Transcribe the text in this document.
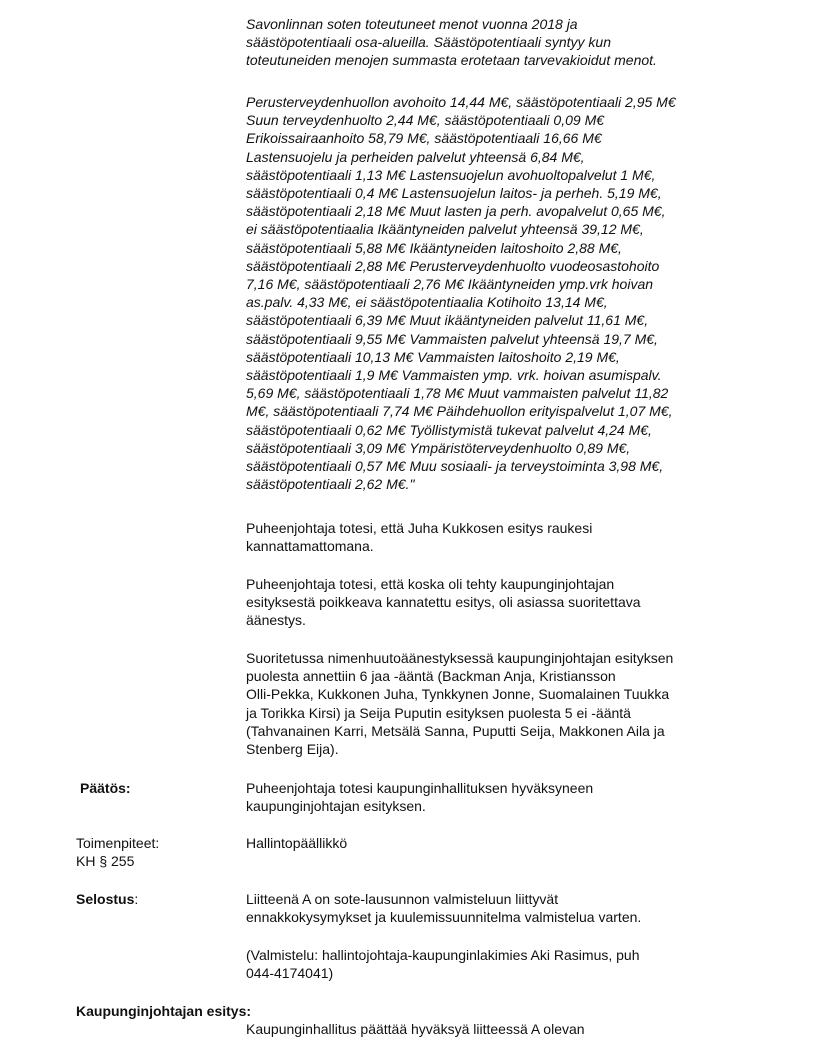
Savonlinnan soten toteutuneet menot vuonna 2018 ja
säästöpotentiaali osa-alueilla. Säästöpotentiaali syntyy kun
toteutuneiden menojen summasta erotetaan tarvevakioidut menot.

Perusterveydenhuollon avohoito 14,44 M€, säästöpotentiaali 2,95 M€
Suun terveydenhuolto 2,44 M€, säästöpotentiaali 0,09 M€
Erikoissairaanhoito 58,79 M€, säästöpotentiaali 16,66 M€
Lastensuojelu ja perheiden palvelut yhteensä 6,84 M€,
säästöpotentiaali 1,13 M€ Lastensuojelun avohuoltopalvelut 1 M€,
säästöpotentiaali 0,4 M€ Lastensuojelun laitos- ja perheh. 5,19 M€,
säästöpotentiaali 2,18 M€ Muut lasten ja perh. avopalvelut 0,65 M€,
ei säästöpotentiaalia Ikääntyneiden palvelut yhteensä 39,12 M€,
säästöpotentiaali 5,88 M€ Ikääntyneiden laitoshoito 2,88 M€,
säästöpotentiaali 2,88 M€ Perusterveydenhuolto vuodeosastohoito
7,16 M€, säästöpotentiaali 2,76 M€ Ikääntyneiden ymp.vrk hoivan
as.palv. 4,33 M€, ei säästöpotentiaalia Kotihoito 13,14 M€,
säästöpotentiaali 6,39 M€ Muut ikääntyneiden palvelut 11,61 M€,
säästöpotentiaali 9,55 M€ Vammaisten palvelut yhteensä 19,7 M€,
säästöpotentiaali 10,13 M€ Vammaisten laitoshoito 2,19 M€,
säästöpotentiaali 1,9 M€ Vammaisten ymp. vrk. hoivan asumispalv.
5,69 M€, säästöpotentiaali 1,78 M€ Muut vammaisten palvelut 11,82
M€, säästöpotentiaali 7,74 M€ Päihdehuollon erityispalvelut 1,07 M€,
säästöpotentiaali 0,62 M€ Työllistymistä tukevat palvelut 4,24 M€,
säästöpotentiaali 3,09 M€ Ympäristöterveydenhuolto 0,89 M€,
säästöpotentiaali 0,57 M€ Muu sosiaali- ja terveystoiminta 3,98 M€,
säästöpotentiaali 2,62 M€."

Puheenjohtaja totesi, että Juha Kukkosen esitys raukesi
kannattamattomana.

Puheenjohtaja totesi, että koska oli tehty kaupunginjohtajan
esityksestä poikkeava kannatettu esitys, oli asiassa suoritettava
äänestys.

Suoritetussa nimenhuutoäänestyksessä kaupunginjohtajan esityksen
puolesta annettiin 6 jaa -ääntä (Backman Anja, Kristiansson
Olli-Pekka, Kukkonen Juha, Tynkkynen Jonne, Suomalainen Tuukka
ja Torikka Kirsi) ja Seija Puputin esityksen puolesta 5 ei -ääntä
(Tahvanainen Karri, Metsälä Sanna, Puputti Seija, Makkonen Aila ja
Stenberg Eija).

Päätös:	Puheenjohtaja totesi kaupunginhallituksen hyväksyneen
kaupunginjohtajan esityksen.

Toimenpiteet:
KH § 255

Hallintopäällikkö

Selostus:	Liitteenä A on sote-lausunnon valmisteluun liittyvät
ennakkokysymykset ja kuulemissuunnitelma valmistelua varten.

(Valmistelu: hallintojohtaja-kaupunginlakimies Aki Rasimus, puh
044-4174041)

Kaupunginjohtajan esitys:

Kaupunginhallitus päättää hyväksyä liitteessä A olevan
